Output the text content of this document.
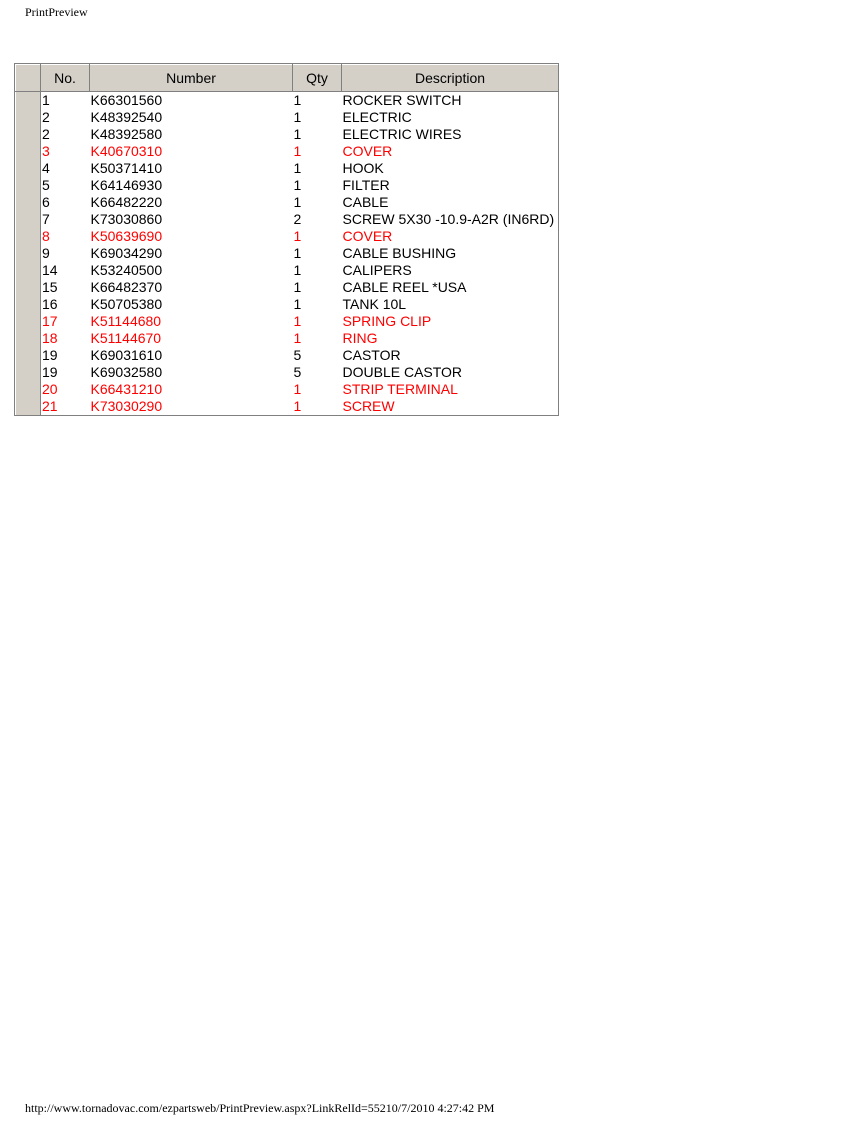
PrintPreview
	No.	Number	Qty	Description
	1	K66301560	1	ROCKER SWITCH
	2	K48392540	1	ELECTRIC
	2	K48392580	1	ELECTRIC WIRES
	3	K40670310	1	COVER
	4	K50371410	1	HOOK
	5	K64146930	1	FILTER
	6	K66482220	1	CABLE
	7	K73030860	2	SCREW 5X30 -10.9-A2R (IN6RD)
	8	K50639690	1	COVER
	9	K69034290	1	CABLE BUSHING
	14	K53240500	1	CALIPERS
	15	K66482370	1	CABLE REEL *USA
	16	K50705380	1	TANK 10L
	17	K51144680	1	SPRING CLIP
	18	K51144670	1	RING
	19	K69031610	5	CASTOR
	19	K69032580	5	DOUBLE CASTOR
	20	K66431210	1	STRIP TERMINAL
	21	K73030290	1	SCREW
http://www.tornadovac.com/ezpartsweb/PrintPreview.aspx?LinkRelId=55210/7/2010 4:27:42 PM
